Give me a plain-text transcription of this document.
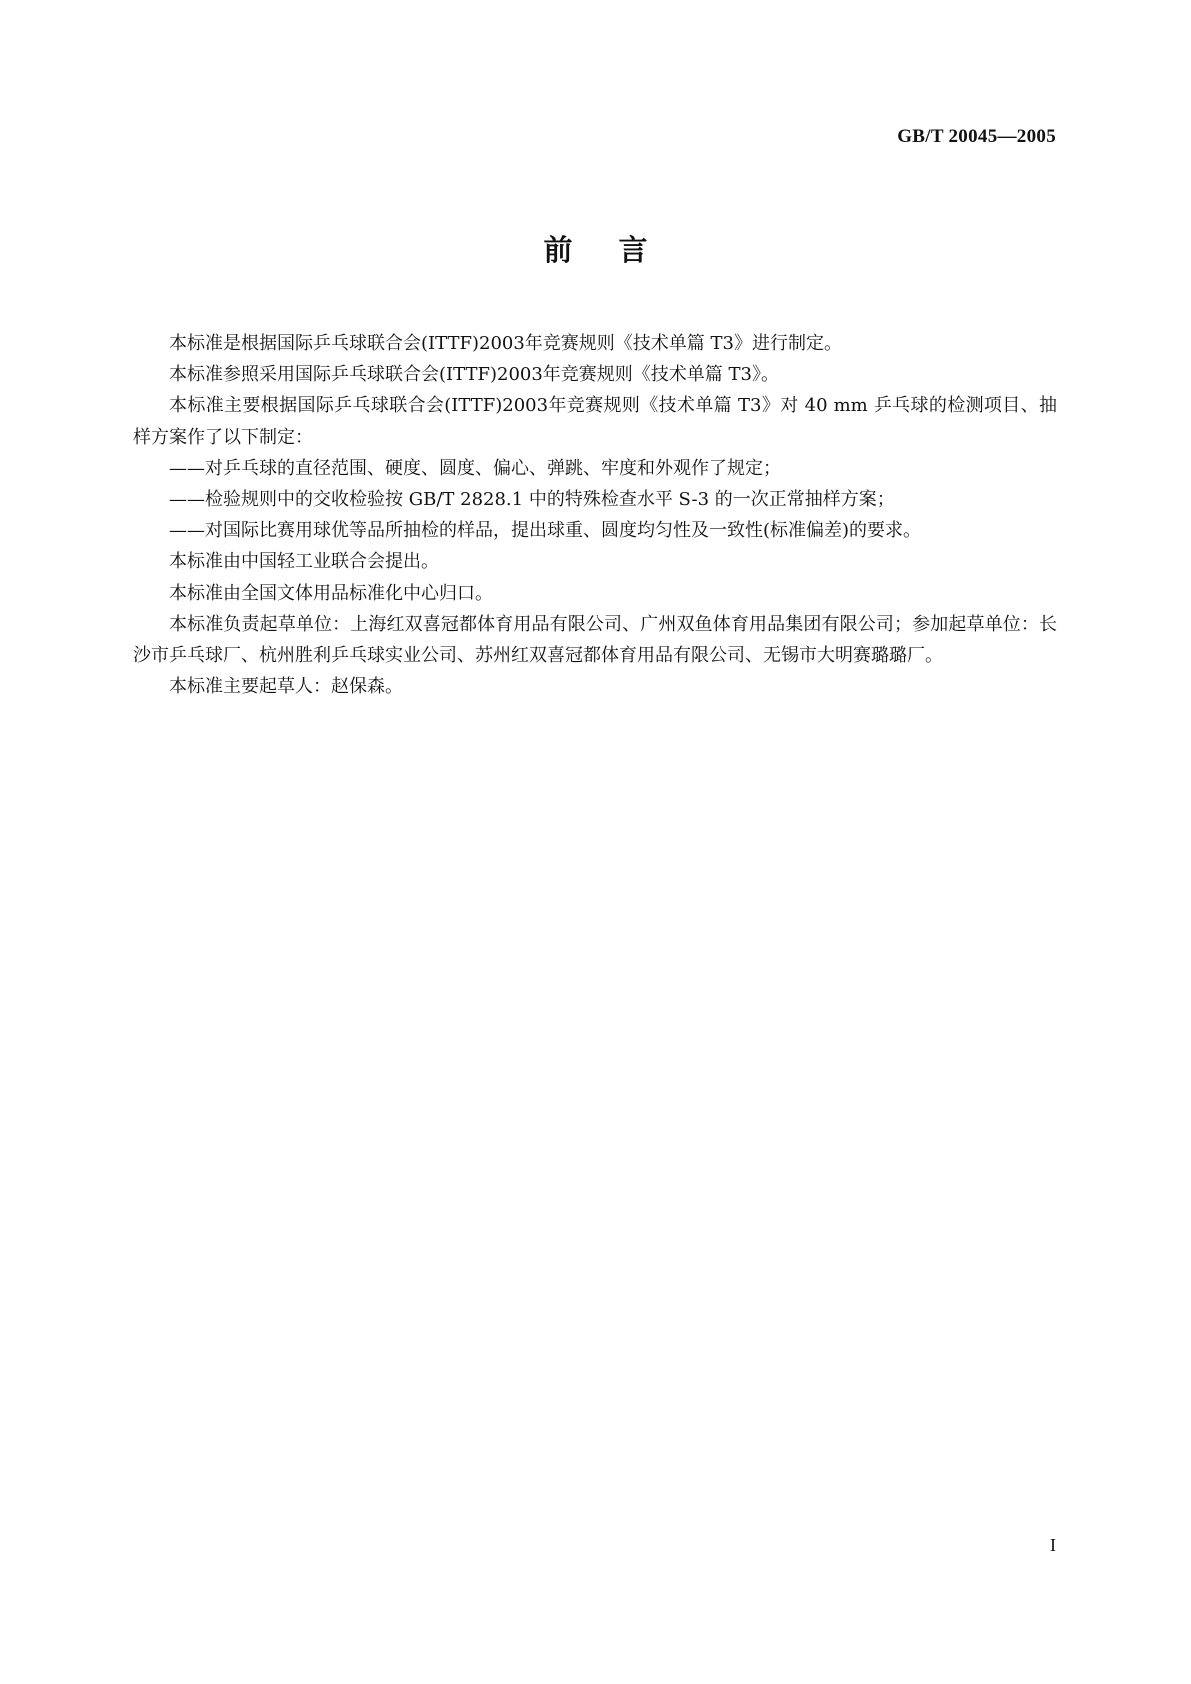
GB/T 20045—2005
前言

本标准是根据国际乒乓球联合会(ITTF)2003年竞赛规则《技术单篇 T3》进行制定。

本标准参照采用国际乒乓球联合会(ITTF)2003年竞赛规则《技术单篇 T3》。

本标准主要根据国际乒乓球联合会(ITTF)2003年竞赛规则《技术单篇 T3》对 40 mm 乒乓球的检测项目、抽样方案作了以下制定：

——对乒乓球的直径范围、硬度、圆度、偏心、弹跳、牢度和外观作了规定；

——检验规则中的交收检验按 GB/T 2828.1 中的特殊检查水平 S-3 的一次正常抽样方案；

——对国际比赛用球优等品所抽检的样品，提出球重、圆度均匀性及一致性(标准偏差)的要求。

本标准由中国轻工业联合会提出。

本标准由全国文体用品标准化中心归口。

本标准负责起草单位：上海红双喜冠都体育用品有限公司、广州双鱼体育用品集团有限公司；参加起草单位：长沙市乒乓球厂、杭州胜利乒乓球实业公司、苏州红双喜冠都体育用品有限公司、无锡市大明赛璐璐厂。

本标准主要起草人：赵保森。

I
